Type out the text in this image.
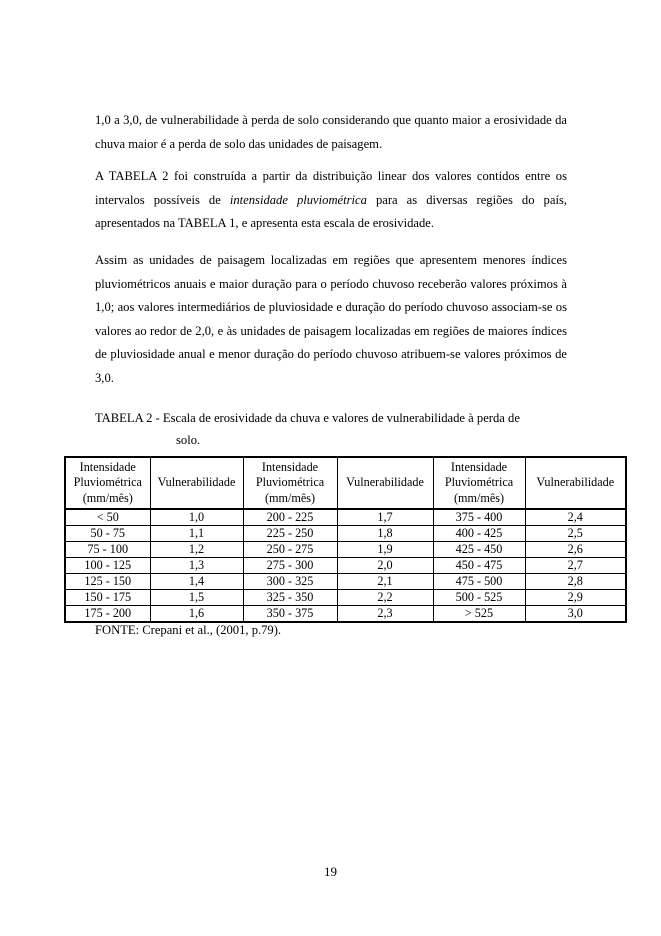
1,0 a 3,0, de vulnerabilidade à perda de solo considerando que quanto maior a erosividade da chuva maior é a perda de solo das unidades de paisagem.

A TABELA 2 foi construída a partir da distribuição linear dos valores contidos entre os intervalos possíveis de intensidade pluviométrica para as diversas regiões do país, apresentados na TABELA 1, e apresenta esta escala de erosividade.

Assim as unidades de paisagem localizadas em regiões que apresentem menores índices pluviométricos anuais e maior duração para o período chuvoso receberão valores próximos à 1,0; aos valores intermediários de pluviosidade e duração do período chuvoso associam-se os valores ao redor de 2,0, e às unidades de paisagem localizadas em regiões de maiores índices de pluviosidade anual e menor duração do período chuvoso atribuem-se valores próximos de 3,0.

TABELA 2 - Escala de erosividade da chuva e valores de vulnerabilidade à perda de
solo.

Intensidade Pluviométrica (mm/mês)	Vulnerabilidade	Intensidade Pluviométrica (mm/mês)	Vulnerabilidade	Intensidade Pluviométrica (mm/mês)	Vulnerabilidade
< 50	1,0	200 - 225	1,7	375 - 400	2,4
50 - 75	1,1	225 - 250	1,8	400 - 425	2,5
75 - 100	1,2	250 - 275	1,9	425 - 450	2,6
100 - 125	1,3	275 - 300	2,0	450 - 475	2,7
125 - 150	1,4	300 - 325	2,1	475 - 500	2,8
150 - 175	1,5	325 - 350	2,2	500 - 525	2,9
175 - 200	1,6	350 - 375	2,3	> 525	3,0

FONTE: Crepani et al., (2001, p.79).

19
